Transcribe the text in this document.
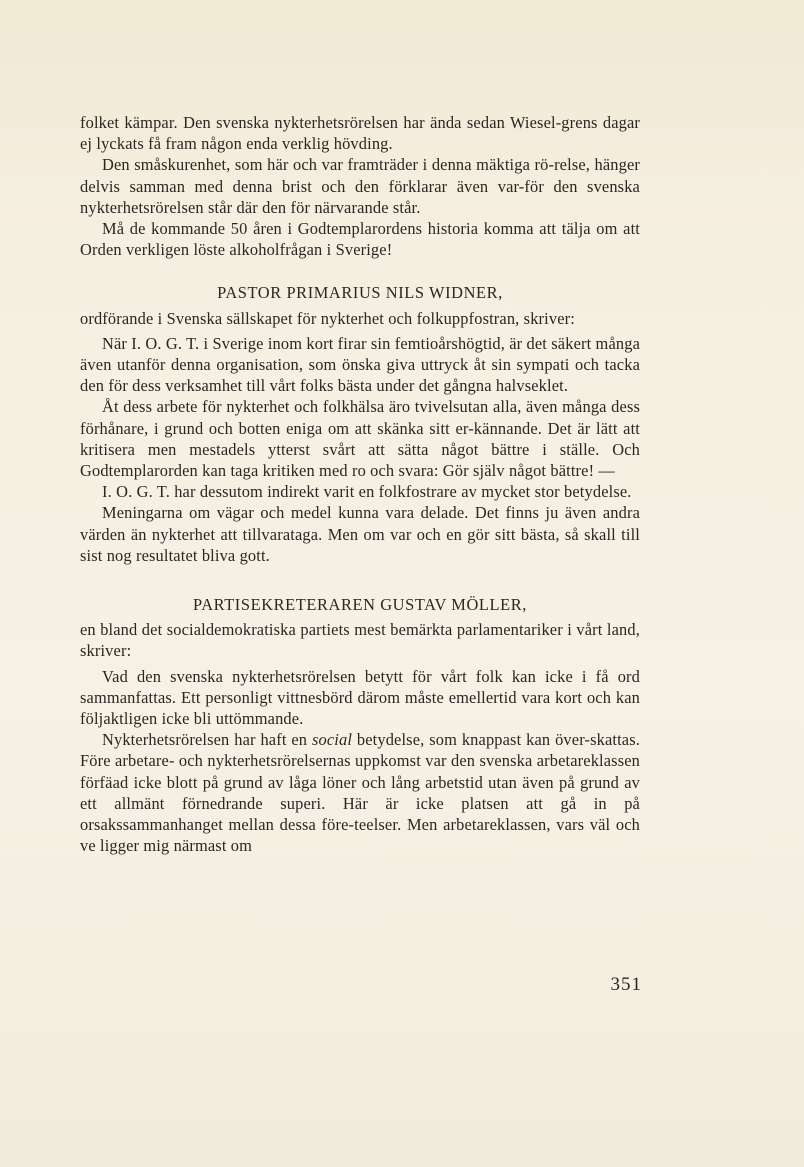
folket kämpar. Den svenska nykterhetsrörelsen har ända sedan Wiesel-grens dagar ej lyckats få fram någon enda verklig hövding.

Den småskurenhet, som här och var framträder i denna mäktiga rö-relse, hänger delvis samman med denna brist och den förklarar även var-för den svenska nykterhetsrörelsen står där den för närvarande står.

Må de kommande 50 åren i Godtemplarordens historia komma att tälja om att Orden verkligen löste alkoholfrågan i Sverige!

PASTOR PRIMARIUS NILS WIDNER,

ordförande i Svenska sällskapet för nykterhet och folkuppfostran, skriver:

När I. O. G. T. i Sverige inom kort firar sin femtioårshögtid, är det säkert många även utanför denna organisation, som önska giva uttryck åt sin sympati och tacka den för dess verksamhet till vårt folks bästa under det gångna halvseklet.

Åt dess arbete för nykterhet och folkhälsa äro tvivelsutan alla, även många dess förhånare, i grund och botten eniga om att skänka sitt er-kännande. Det är lätt att kritisera men mestadels ytterst svårt att sätta något bättre i ställe. Och Godtemplarorden kan taga kritiken med ro och svara: Gör själv något bättre! —

I. O. G. T. har dessutom indirekt varit en folkfostrare av mycket stor betydelse.

Meningarna om vägar och medel kunna vara delade. Det finns ju även andra värden än nykterhet att tillvarataga. Men om var och en gör sitt bästa, så skall till sist nog resultatet bliva gott.

PARTISEKRETERAREN GUSTAV MÖLLER,

en bland det socialdemokratiska partiets mest bemärkta parlamentariker i vårt land, skriver:

Vad den svenska nykterhetsrörelsen betytt för vårt folk kan icke i få ord sammanfattas. Ett personligt vittnesbörd därom måste emellertid vara kort och kan följaktligen icke bli uttömmande.

Nykterhetsrörelsen har haft en social betydelse, som knappast kan över-skattas. Före arbetare- och nykterhetsrörelsernas uppkomst var den svenska arbetareklassen förfäad icke blott på grund av låga löner och lång arbetstid utan även på grund av ett allmänt förnedrande superi. Här är icke platsen att gå in på orsakssammanhanget mellan dessa före-teelser. Men arbetareklassen, vars väl och ve ligger mig närmast om

351
